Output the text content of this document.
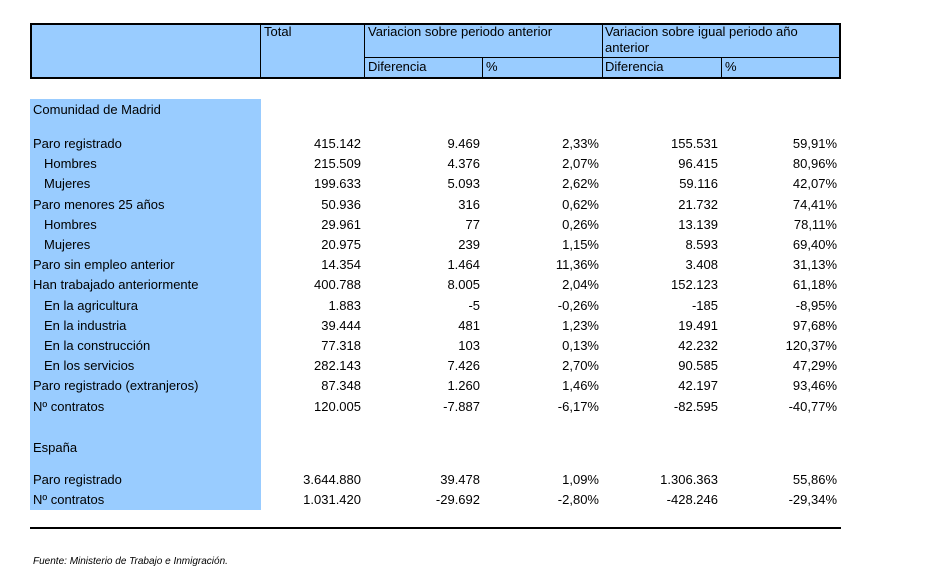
Total	Variacion sobre periodo anterior	Variacion sobre igual periodo año
anterior
Diferencia	%	Diferencia	%
Comunidad de Madrid
Paro registrado	415.142	9.469	2,33%	155.531	59,91%
Hombres	215.509	4.376	2,07%	96.415	80,96%
Mujeres	199.633	5.093	2,62%	59.116	42,07%
Paro menores 25 años	50.936	316	0,62%	21.732	74,41%
Hombres	29.961	77	0,26%	13.139	78,11%
Mujeres	20.975	239	1,15%	8.593	69,40%
Paro sin empleo anterior	14.354	1.464	11,36%	3.408	31,13%
Han trabajado anteriormente	400.788	8.005	2,04%	152.123	61,18%
En la agricultura	1.883	-5	-0,26%	-185	-8,95%
En la industria	39.444	481	1,23%	19.491	97,68%
En la construcción	77.318	103	0,13%	42.232	120,37%
En los servicios	282.143	7.426	2,70%	90.585	47,29%
Paro registrado (extranjeros)	87.348	1.260	1,46%	42.197	93,46%
Nº contratos	120.005	-7.887	-6,17%	-82.595	-40,77%
España
Paro registrado	3.644.880	39.478	1,09%	1.306.363	55,86%
Nº contratos	1.031.420	-29.692	-2,80%	-428.246	-29,34%
Fuente: Ministerio de Trabajo e Inmigración.
